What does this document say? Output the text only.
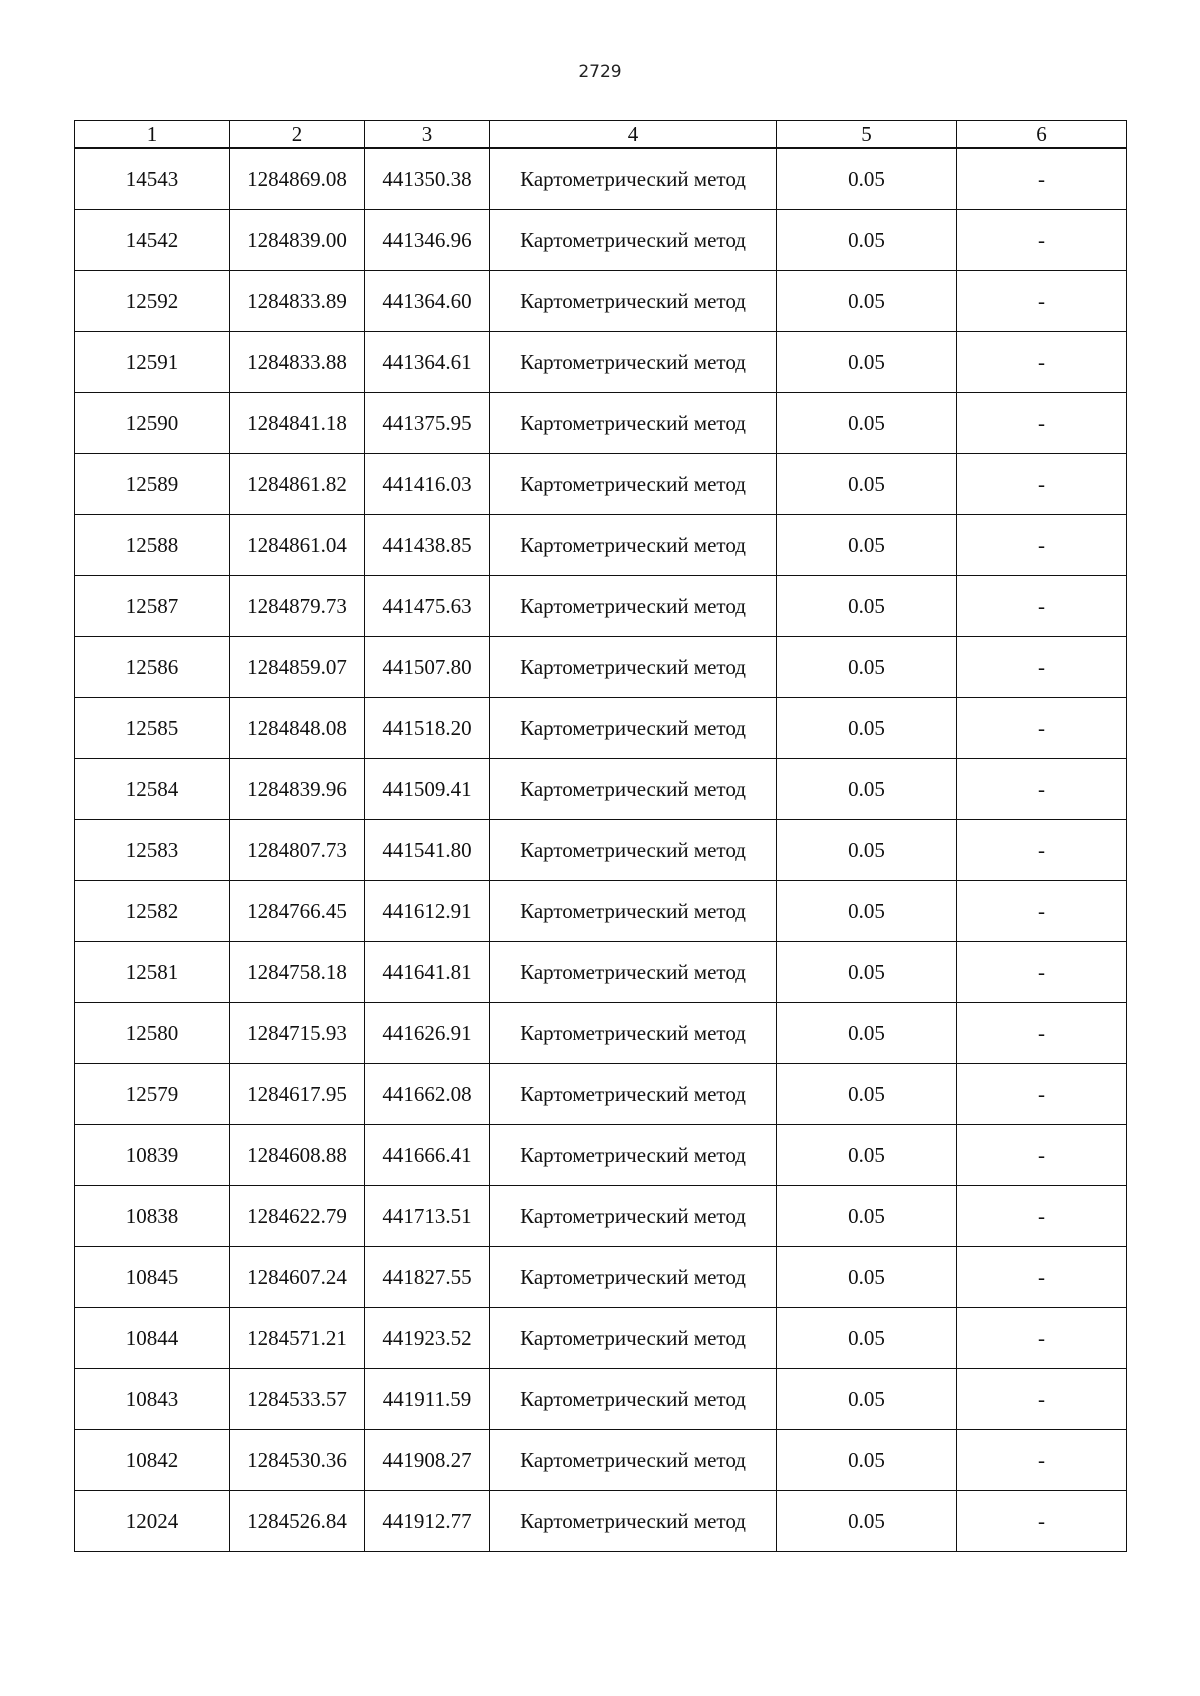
2729
1	2	3	4	5	6
14543	1284869.08	441350.38	Картометрический метод	0.05	-
14542	1284839.00	441346.96	Картометрический метод	0.05	-
12592	1284833.89	441364.60	Картометрический метод	0.05	-
12591	1284833.88	441364.61	Картометрический метод	0.05	-
12590	1284841.18	441375.95	Картометрический метод	0.05	-
12589	1284861.82	441416.03	Картометрический метод	0.05	-
12588	1284861.04	441438.85	Картометрический метод	0.05	-
12587	1284879.73	441475.63	Картометрический метод	0.05	-
12586	1284859.07	441507.80	Картометрический метод	0.05	-
12585	1284848.08	441518.20	Картометрический метод	0.05	-
12584	1284839.96	441509.41	Картометрический метод	0.05	-
12583	1284807.73	441541.80	Картометрический метод	0.05	-
12582	1284766.45	441612.91	Картометрический метод	0.05	-
12581	1284758.18	441641.81	Картометрический метод	0.05	-
12580	1284715.93	441626.91	Картометрический метод	0.05	-
12579	1284617.95	441662.08	Картометрический метод	0.05	-
10839	1284608.88	441666.41	Картометрический метод	0.05	-
10838	1284622.79	441713.51	Картометрический метод	0.05	-
10845	1284607.24	441827.55	Картометрический метод	0.05	-
10844	1284571.21	441923.52	Картометрический метод	0.05	-
10843	1284533.57	441911.59	Картометрический метод	0.05	-
10842	1284530.36	441908.27	Картометрический метод	0.05	-
12024	1284526.84	441912.77	Картометрический метод	0.05	-
